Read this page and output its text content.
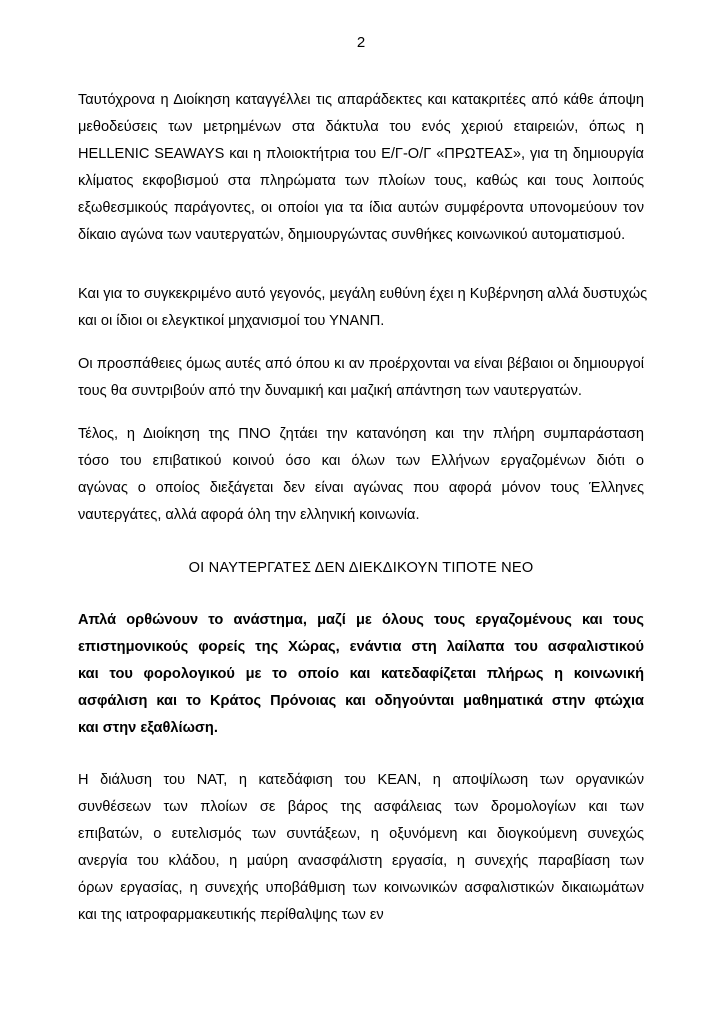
2
Ταυτόχρονα η Διοίκηση καταγγέλλει τις απαράδεκτες και κατακριτέες από κάθε άποψη
μεθοδεύσεις των μετρημένων στα δάκτυλα του ενός χεριού εταιρειών, όπως η
HELLENIC SEAWAYS και η πλοιοκτήτρια του Ε/Γ-Ο/Γ «ΠΡΩΤΕΑΣ», για τη δημιουργία
κλίματος εκφοβισμού στα πληρώματα των πλοίων τους, καθώς και τους λοιπούς
εξωθεσμικούς παράγοντες, οι οποίοι για τα ίδια αυτών συμφέροντα υπονομεύουν τον
δίκαιο αγώνα των ναυτεργατών, δημιουργώντας συνθήκες κοινωνικού αυτοματισμού.
Και για το συγκεκριμένο αυτό γεγονός, μεγάλη ευθύνη έχει η Κυβέρνηση αλλά δυστυχώς
και οι ίδιοι οι ελεγκτικοί μηχανισμοί του ΥΝΑΝΠ.
Οι προσπάθειες όμως αυτές από όπου κι αν προέρχονται να είναι βέβαιοι οι δημιουργοί
τους θα συντριβούν από την δυναμική και μαζική απάντηση των ναυτεργατών.
Τέλος, η Διοίκηση της ΠΝΟ ζητάει την κατανόηση και την πλήρη συμπαράσταση
τόσο του επιβατικού κοινού όσο και όλων των Ελλήνων εργαζομένων διότι ο
αγώνας ο οποίος διεξάγεται δεν είναι αγώνας που αφορά μόνον τους Έλληνες
ναυτεργάτες, αλλά αφορά όλη την ελληνική κοινωνία.
ΟΙ ΝΑΥΤΕΡΓΑΤΕΣ ΔΕΝ ΔΙΕΚΔΙΚΟΥΝ ΤΙΠΟΤΕ ΝΕΟ
Απλά ορθώνουν το ανάστημα, μαζί με όλους τους εργαζομένους και τους
επιστημονικούς φορείς της Χώρας, ενάντια στη λαίλαπα του ασφαλιστικού
και του φορολογικού με το οποίο και κατεδαφίζεται πλήρως η κοινωνική
ασφάλιση και το Κράτος Πρόνοιας και οδηγούνται μαθηματικά στην φτώχια
και στην εξαθλίωση.
Η διάλυση του ΝΑΤ, η κατεδάφιση του ΚΕΑΝ, η αποψίλωση των οργανικών
συνθέσεων των πλοίων σε βάρος της ασφάλειας των δρομολογίων και των
επιβατών, ο ευτελισμός των συντάξεων, η οξυνόμενη και διογκούμενη συνεχώς
ανεργία του κλάδου, η μαύρη ανασφάλιστη εργασία, η συνεχής παραβίαση των
όρων εργασίας, η συνεχής υποβάθμιση των κοινωνικών ασφαλιστικών δικαιωμάτων
και της ιατροφαρμακευτικής περίθαλψης των εν
